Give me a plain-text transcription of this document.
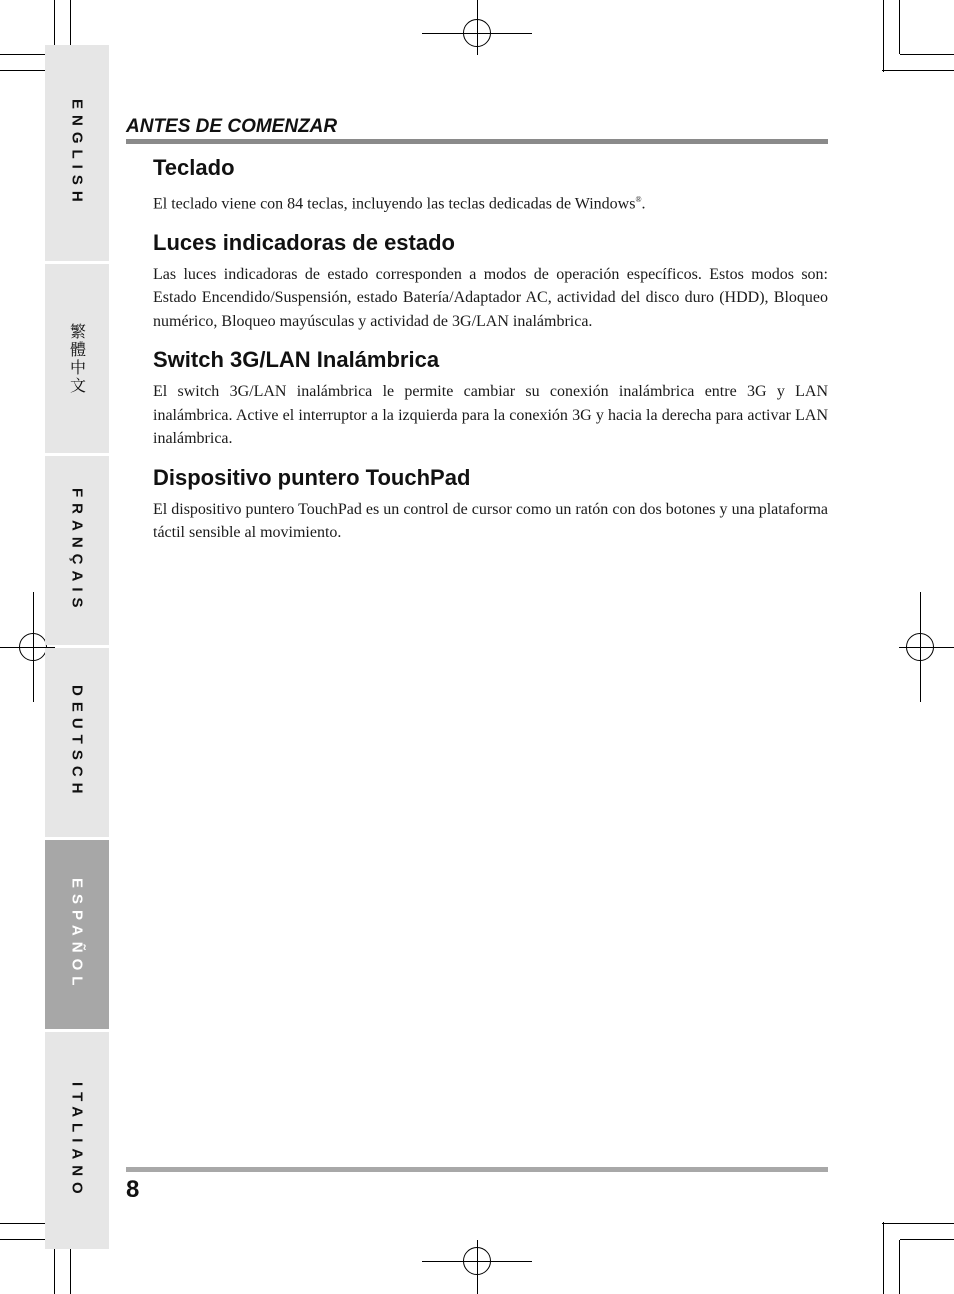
ENGLISH
繁體中文
FRANÇAIS
DEUTSCH
ESPAÑOL
ITALIANO
ANTES DE COMENZAR
Teclado

El teclado viene con 84 teclas, incluyendo las teclas dedicadas de Windows®.

Luces indicadoras de estado

Las luces indicadoras de estado corresponden a modos de operación específicos. Estos modos son: Estado Encendido/Suspensión, estado Batería/Adaptador AC, actividad del disco duro (HDD), Bloqueo numérico, Bloqueo mayúsculas y actividad de 3G/LAN inalámbrica.

Switch 3G/LAN Inalámbrica

El switch 3G/LAN inalámbrica le permite cambiar su conexión inalámbrica entre 3G y LAN inalámbrica. Active el interruptor a la izquierda para la conexión 3G y hacia la derecha para activar LAN inalámbrica.

Dispositivo puntero TouchPad

El dispositivo puntero TouchPad es un control de cursor como un ratón con dos botones y una plataforma táctil sensible al movimiento.

8
